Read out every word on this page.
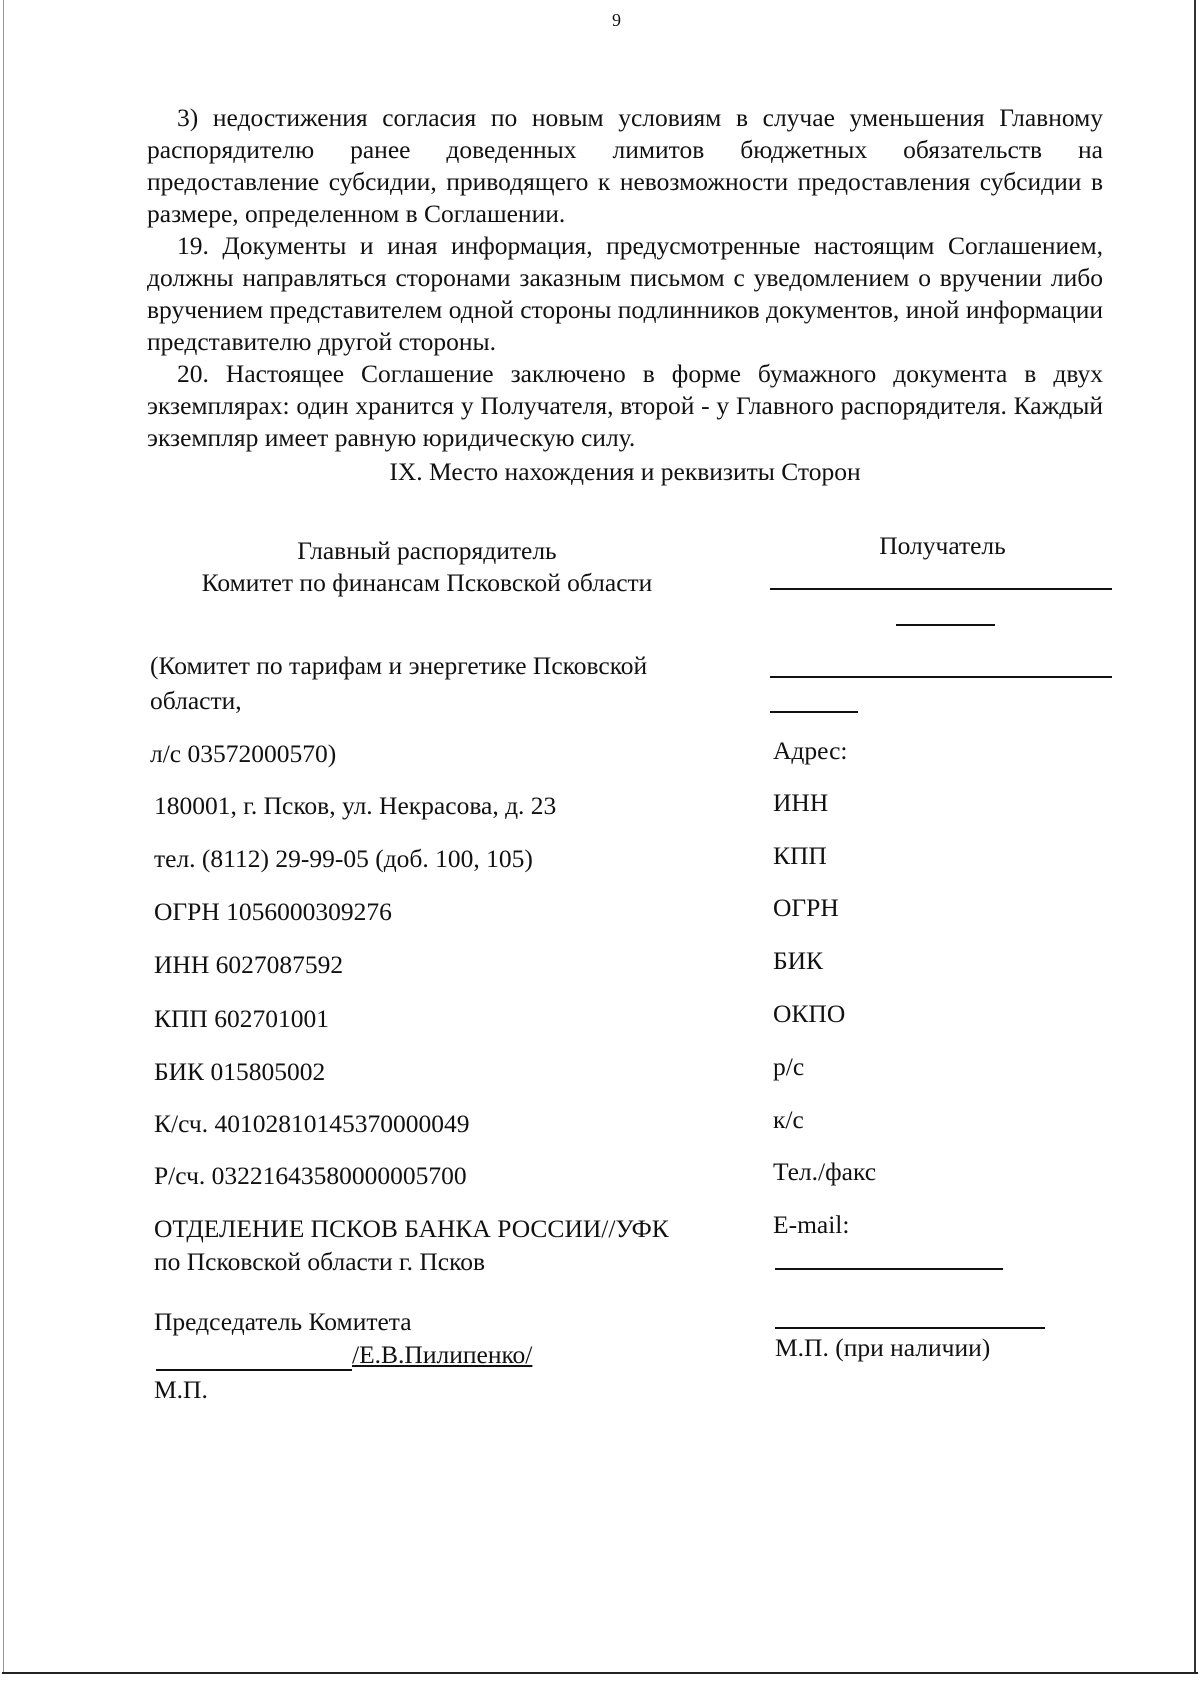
9
3) недостижения согласия по новым условиям в случае уменьшения Главному распорядителю ранее доведенных лимитов бюджетных обязательств на предоставление субсидии, приводящего к невозможности предоставления субсидии в размере, определенном в Соглашении.
19. Документы и иная информация, предусмотренные настоящим Соглашением, должны направляться сторонами заказным письмом с уведомлением о вручении либо вручением представителем одной стороны подлинников документов, иной информации представителю другой стороны.
20. Настоящее Соглашение заключено в форме бумажного документа в двух экземплярах: один хранится у Получателя, второй - у Главного распорядителя. Каждый экземпляр имеет равную юридическую силу.
IX. Место нахождения и реквизиты Сторон
Главный распорядитель
Комитет по финансам Псковской области
(Комитет по тарифам и энергетике Псковской
области,
л/с 03572000570)
180001, г. Псков, ул. Некрасова, д. 23
тел. (8112) 29-99-05 (доб. 100, 105)
ОГРН 1056000309276
ИНН 6027087592
КПП 602701001
БИК 015805002
К/сч. 40102810145370000049
Р/сч. 03221643580000005700
ОТДЕЛЕНИЕ ПСКОВ БАНКА РОССИИ//УФК
по Псковской области г. Псков
Председатель Комитета
/Е.В.Пилипенко/
М.П.
Получатель
Адрес:
ИНН
КПП
ОГРН
БИК
ОКПО
р/с
к/с
Тел./факс
E-mail:
М.П. (при наличии)
